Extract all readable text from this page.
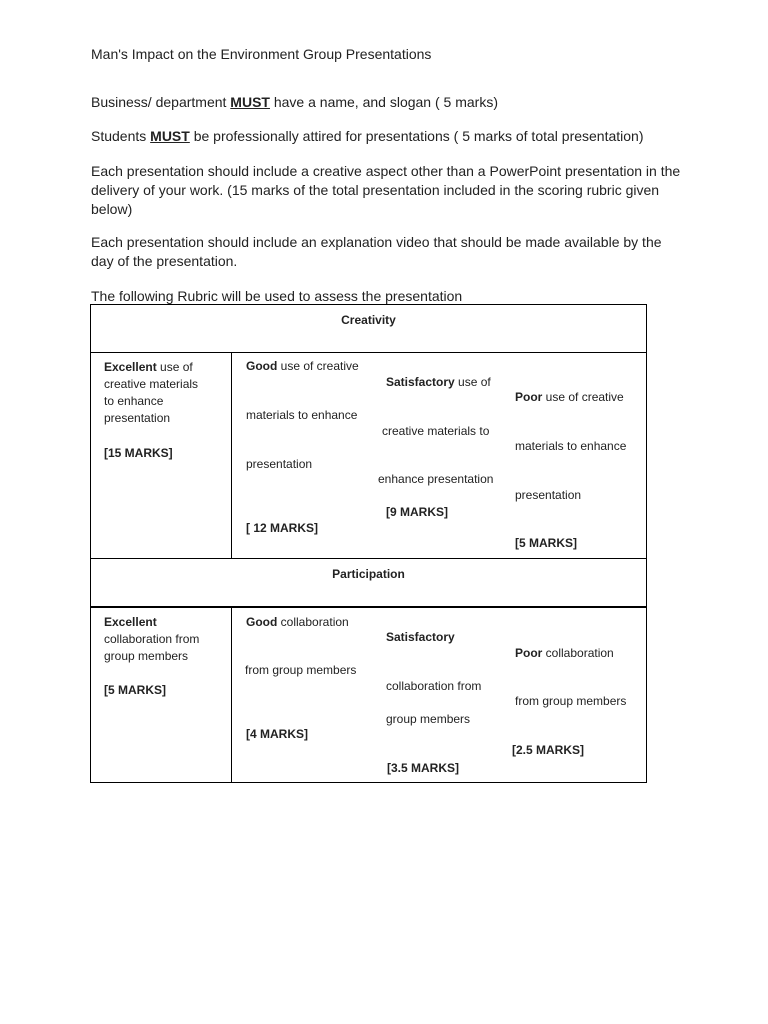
Man's Impact on the Environment Group Presentations
Business/ department MUST have a name, and slogan ( 5 marks)
Students MUST be professionally attired for presentations ( 5 marks of total presentation)
Each presentation should include a creative aspect other than a PowerPoint presentation in the delivery of your work. (15 marks of the total presentation included in the scoring rubric given below)
Each presentation should include an explanation video that should be made available by the day of the presentation.
The following Rubric will be used to assess the presentation
Creativity
Excellent use of
creative materials
to enhance
presentation
[15 MARKS]
Good use of creative
materials to enhance
presentation
[ 12 MARKS]
Satisfactory use of
creative materials to
enhance presentation
[9 MARKS]
Poor use of creative
materials to enhance
presentation
[5 MARKS]
Participation
Excellent
collaboration from
group members
[5 MARKS]
Good collaboration
from group members
[4 MARKS]
Satisfactory
collaboration from
group members
[3.5 MARKS]
Poor collaboration
from group members
[2.5 MARKS]
